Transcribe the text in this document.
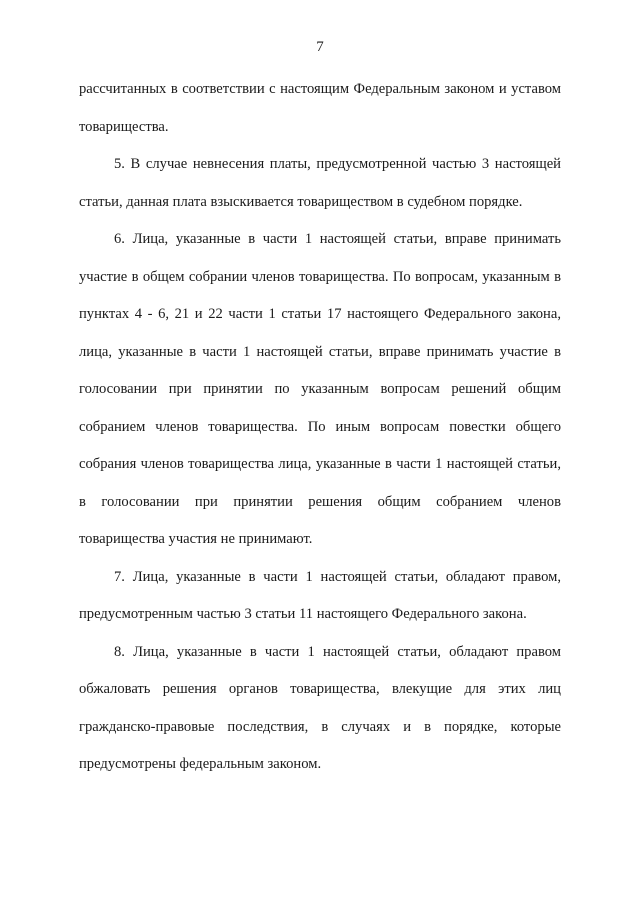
7

рассчитанных в соответствии с настоящим Федеральным законом и уставом товарищества.

5. В случае невнесения платы, предусмотренной частью 3 настоящей статьи, данная плата взыскивается товариществом в судебном порядке.

6. Лица, указанные в части 1 настоящей статьи, вправе принимать участие в общем собрании членов товарищества. По вопросам, указанным в пунктах 4 - 6, 21 и 22 части 1 статьи 17 настоящего Федерального закона, лица, указанные в части 1 настоящей статьи, вправе принимать участие в голосовании при принятии по указанным вопросам решений общим собранием членов товарищества. По иным вопросам повестки общего собрания членов товарищества лица, указанные в части 1 настоящей статьи, в голосовании при принятии решения общим собранием членов товарищества участия не принимают.

7. Лица, указанные в части 1 настоящей статьи, обладают правом, предусмотренным частью 3 статьи 11 настоящего Федерального закона.

8. Лица, указанные в части 1 настоящей статьи, обладают правом обжаловать решения органов товарищества, влекущие для этих лиц гражданско-правовые последствия, в случаях и в порядке, которые предусмотрены федеральным законом.
